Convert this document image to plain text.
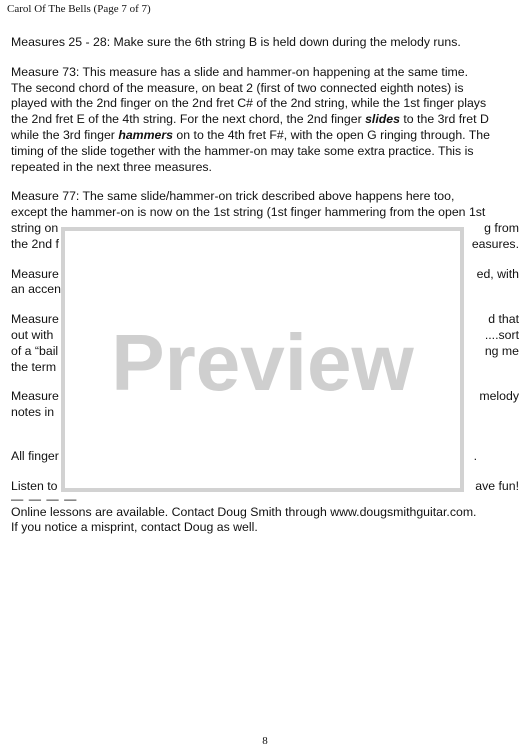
Carol Of The Bells (Page 7 of 7)

Measures 25 - 28: Make sure the 6th string B is held down during the melody runs.

Measure 73: This measure has a slide and hammer-on happening at the same time.
The second chord of the measure, on beat 2 (first of two connected eighth notes) is
played with the 2nd finger on the 2nd fret C# of the 2nd string, while the 1st finger plays
the 2nd fret E of the 4th string. For the next chord, the 2nd finger slides to the 3rd fret D
while the 3rd finger hammers on to the 4th fret F#, with the open G ringing through. The
timing of the slide together with the hammer-on may take some extra practice. This is
repeated in the next three measures.

Measure 77: The same slide/hammer-on trick described above happens here too,
except the hammer-on is now on the 1st string (1st finger hammering from the open 1st
string on	g from
the 2nd f	easures.

Measure	ed, with
an accen

Measure	d that
out with	....sort
of a “bail	ng me
the term

Measure	melody
notes in

All finger	.

Listen to	ave fun!

— — — —

Online lessons are available. Contact Doug Smith through www.dougsmithguitar.com.
If you notice a misprint, contact Doug as well.

Preview
8
